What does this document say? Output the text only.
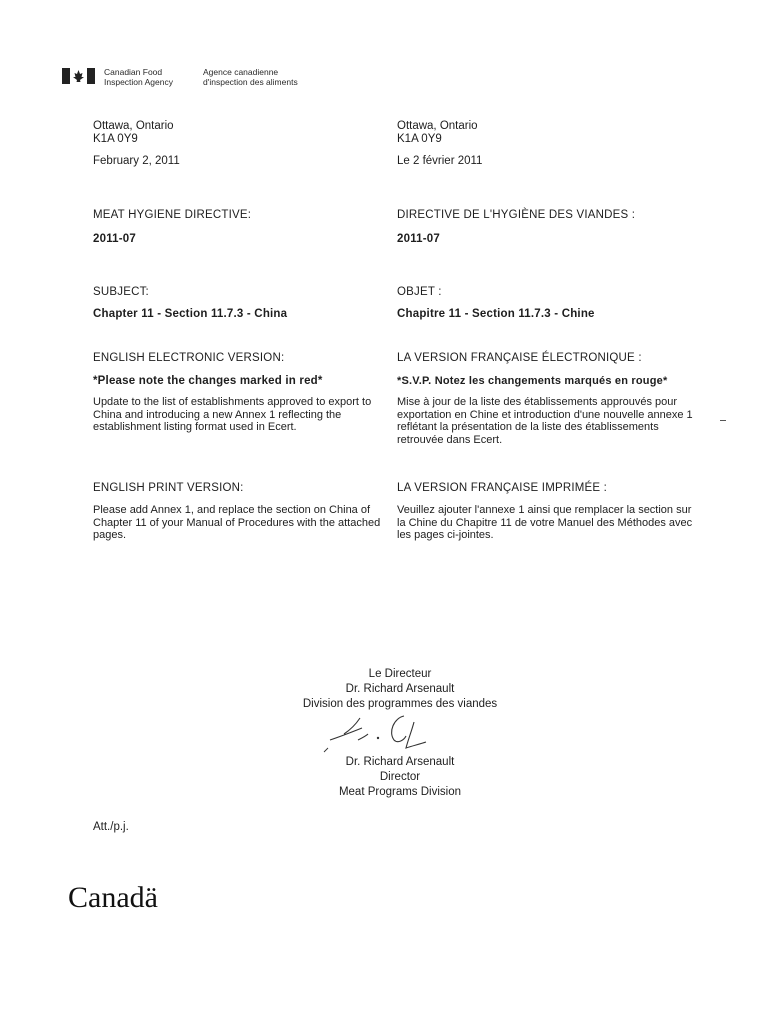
Canadian Food
Inspection Agency
Agence canadienne
d'inspection des aliments
Ottawa, Ontario
K1A 0Y9
February 2, 2011
MEAT HYGIENE DIRECTIVE:
2011-07
SUBJECT:
Chapter 11 - Section 11.7.3 - China
ENGLISH ELECTRONIC VERSION:
*Please note the changes marked in red*
Update to the list of establishments approved to export to China and introducing a new Annex 1 reflecting the establishment listing format used in Ecert.
ENGLISH PRINT VERSION:
Please add Annex 1, and replace the section on China of Chapter 11 of your Manual of Procedures with the attached pages.
Ottawa, Ontario
K1A 0Y9
Le 2 février 2011
DIRECTIVE DE L'HYGIÈNE DES VIANDES :
2011-07
OBJET :
Chapitre 11 - Section 11.7.3 - Chine
LA VERSION FRANÇAISE ÉLECTRONIQUE :
*S.V.P. Notez les changements marqués en rouge*
Mise à jour de la liste des établissements approuvés pour exportation en Chine et introduction d'une nouvelle annexe 1 reflétant la présentation de la liste des établissements retrouvée dans Ecert.
LA VERSION FRANÇAISE IMPRIMÉE :
Veuillez ajouter l'annexe 1 ainsi que remplacer la section sur la Chine du Chapitre 11 de votre Manuel des Méthodes avec les pages ci-jointes.
Le Directeur
Dr. Richard Arsenault
Division des programmes des viandes
Dr. Richard Arsenault
Director
Meat Programs Division
Att./p.j.
Canadä
